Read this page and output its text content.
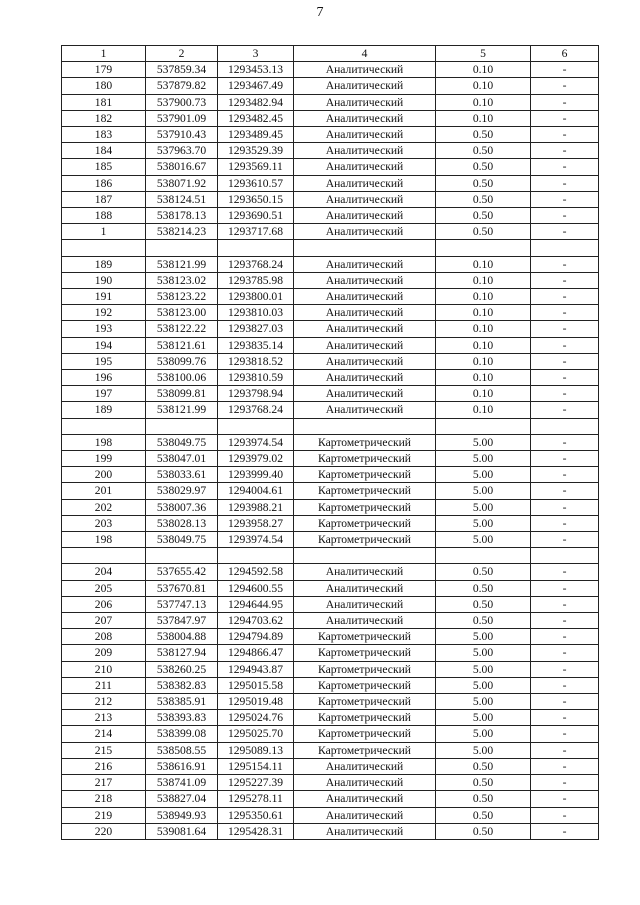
7
1	2	3	4	5	6
179	537859.34	1293453.13	Аналитический	0.10	-
180	537879.82	1293467.49	Аналитический	0.10	-
181	537900.73	1293482.94	Аналитический	0.10	-
182	537901.09	1293482.45	Аналитический	0.10	-
183	537910.43	1293489.45	Аналитический	0.50	-
184	537963.70	1293529.39	Аналитический	0.50	-
185	538016.67	1293569.11	Аналитический	0.50	-
186	538071.92	1293610.57	Аналитический	0.50	-
187	538124.51	1293650.15	Аналитический	0.50	-
188	538178.13	1293690.51	Аналитический	0.50	-
1	538214.23	1293717.68	Аналитический	0.50	-

189	538121.99	1293768.24	Аналитический	0.10	-
190	538123.02	1293785.98	Аналитический	0.10	-
191	538123.22	1293800.01	Аналитический	0.10	-
192	538123.00	1293810.03	Аналитический	0.10	-
193	538122.22	1293827.03	Аналитический	0.10	-
194	538121.61	1293835.14	Аналитический	0.10	-
195	538099.76	1293818.52	Аналитический	0.10	-
196	538100.06	1293810.59	Аналитический	0.10	-
197	538099.81	1293798.94	Аналитический	0.10	-
189	538121.99	1293768.24	Аналитический	0.10	-

198	538049.75	1293974.54	Картометрический	5.00	-
199	538047.01	1293979.02	Картометрический	5.00	-
200	538033.61	1293999.40	Картометрический	5.00	-
201	538029.97	1294004.61	Картометрический	5.00	-
202	538007.36	1293988.21	Картометрический	5.00	-
203	538028.13	1293958.27	Картометрический	5.00	-
198	538049.75	1293974.54	Картометрический	5.00	-

204	537655.42	1294592.58	Аналитический	0.50	-
205	537670.81	1294600.55	Аналитический	0.50	-
206	537747.13	1294644.95	Аналитический	0.50	-
207	537847.97	1294703.62	Аналитический	0.50	-
208	538004.88	1294794.89	Картометрический	5.00	-
209	538127.94	1294866.47	Картометрический	5.00	-
210	538260.25	1294943.87	Картометрический	5.00	-
211	538382.83	1295015.58	Картометрический	5.00	-
212	538385.91	1295019.48	Картометрический	5.00	-
213	538393.83	1295024.76	Картометрический	5.00	-
214	538399.08	1295025.70	Картометрический	5.00	-
215	538508.55	1295089.13	Картометрический	5.00	-
216	538616.91	1295154.11	Аналитический	0.50	-
217	538741.09	1295227.39	Аналитический	0.50	-
218	538827.04	1295278.11	Аналитический	0.50	-
219	538949.93	1295350.61	Аналитический	0.50	-
220	539081.64	1295428.31	Аналитический	0.50	-
